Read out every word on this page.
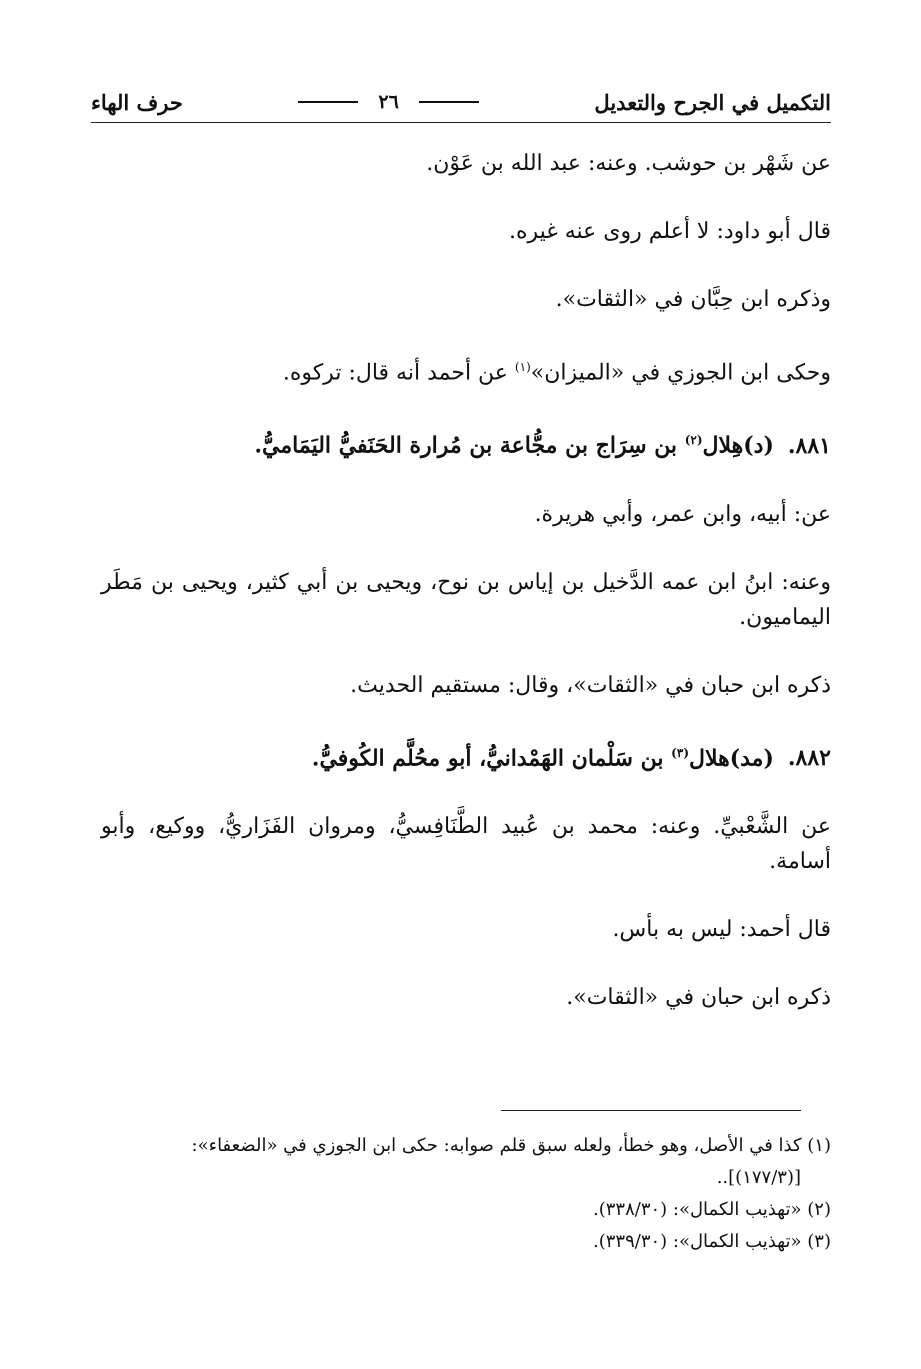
التكميل في الجرح والتعديل
٢٦
حرف الهاء

عن شَهْر بن حوشب. وعنه: عبد الله بن عَوْن.

قال أبو داود: لا أعلم روى عنه غيره.

وذكره ابن حِبَّان في «الثقات».

وحكى ابن الجوزي في «الميزان»$^{(١)}$ عن أحمد أنه قال: تركوه.

٨٨١.(د)هِلال$^{(٢)}$ بن سِرَاج بن مجُّاعة بن مُرارة الحَنَفيُّ اليَمَاميُّ.

عن: أبيه، وابن عمر، وأبي هريرة.

وعنه: ابنُ ابن عمه الدَّخيل بن إياس بن نوح، ويحيى بن أبي كثير، ويحيى بن مَطَر اليماميون.

ذكره ابن حبان في «الثقات»، وقال: مستقيم الحديث.

٨٨٢.(مد)هلال$^{(٣)}$ بن سَلْمان الهَمْدانيُّ، أبو محُلَّم الكُوفيُّ.

عن الشَّعْبيِّ. وعنه: محمد بن عُبيد الطَّنَافِسيُّ، ومروان الفَزَاريُّ، ووكيع، وأبو أسامة.

قال أحمد: ليس به بأس.

ذكره ابن حبان في «الثقات».

(١) كذا في الأصل، وهو خطأ، ولعله سبق قلم صوابه: حكى ابن الجوزي في «الضعفاء»:

[(١٧٧/٣)]..

(٢) «تهذيب الكمال»: (٣٣٨/٣٠).

(٣) «تهذيب الكمال»: (٣٣٩/٣٠).
